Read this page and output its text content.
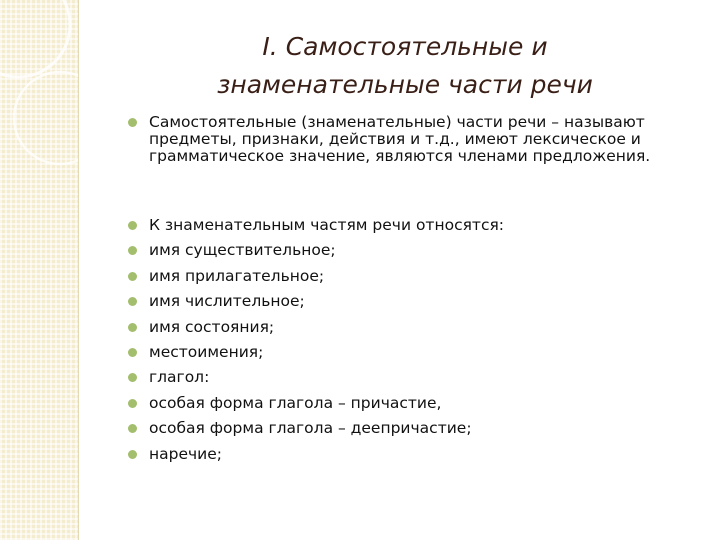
I. Самостоятельные и
знаменательные части речи
Самостоятельные (знаменательные) части речи – называют
предметы, признаки, действия и т.д., имеют лексическое и
грамматическое значение, являются членами предложения.
К знаменательным частям речи относятся:
имя существительное;
имя прилагательное;
имя числительное;
имя состояния;
местоимения;
глагол:
особая форма глагола – причастие,
особая форма глагола – деепричастие;
наречие;
